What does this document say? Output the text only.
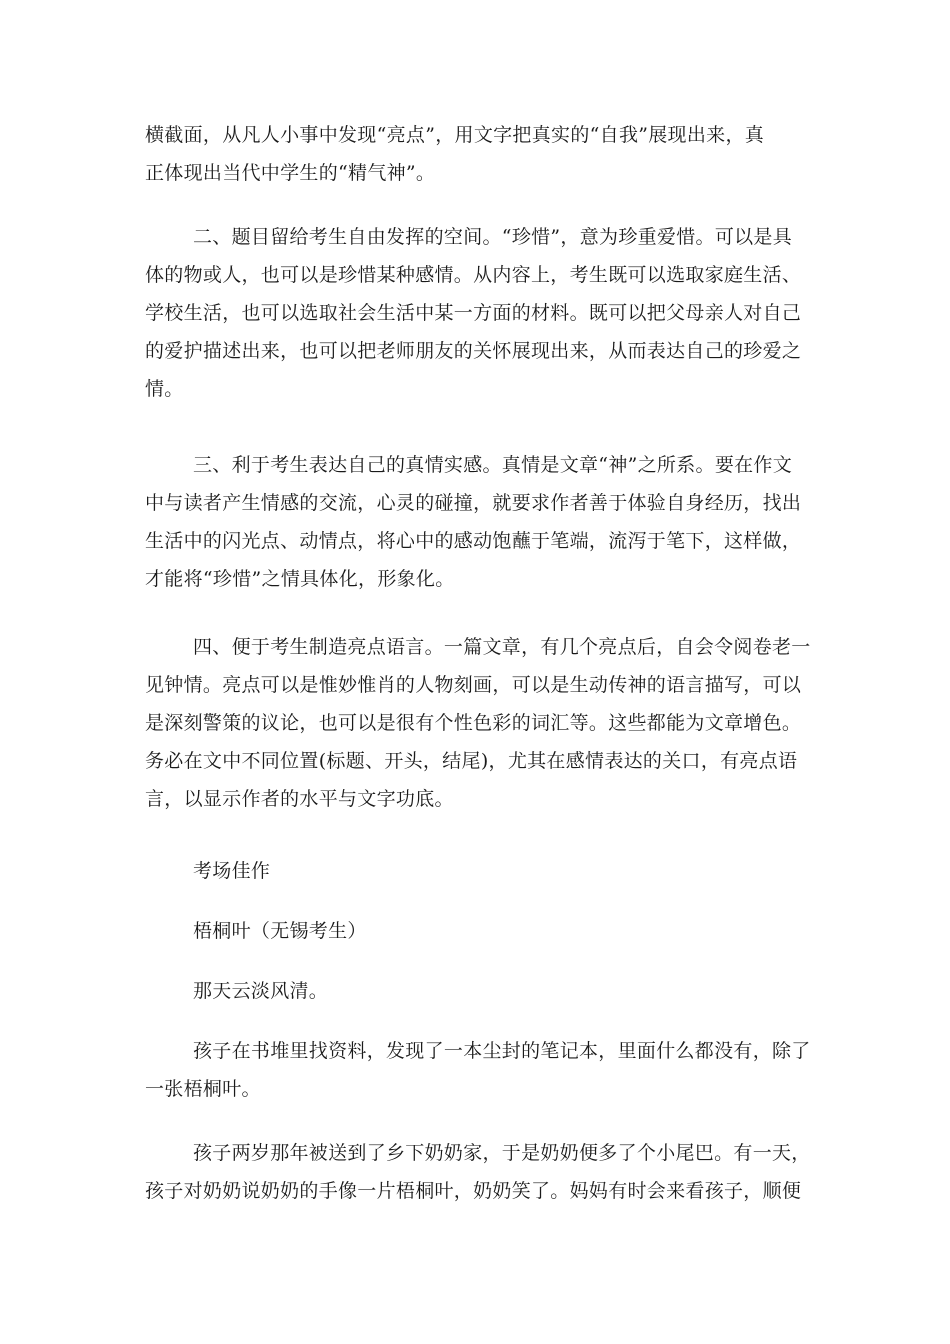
横截面，从凡人小事中发现“亮点”，用文字把真实的“自我”展现出来，真
正体现出当代中学生的“精气神”。

二、题目留给考生自由发挥的空间。“珍惜”，意为珍重爱惜。可以是具
体的物或人，也可以是珍惜某种感情。从内容上，考生既可以选取家庭生活、
学校生活，也可以选取社会生活中某一方面的材料。既可以把父母亲人对自己
的爱护描述出来，也可以把老师朋友的关怀展现出来，从而表达自己的珍爱之
情。

三、利于考生表达自己的真情实感。真情是文章“神”之所系。要在作文
中与读者产生情感的交流，心灵的碰撞，就要求作者善于体验自身经历，找出
生活中的闪光点、动情点，将心中的感动饱蘸于笔端，流泻于笔下，这样做，
才能将“珍惜”之情具体化，形象化。

四、便于考生制造亮点语言。一篇文章，有几个亮点后，自会令阅卷老一
见钟情。亮点可以是惟妙惟肖的人物刻画，可以是生动传神的语言描写，可以
是深刻警策的议论，也可以是很有个性色彩的词汇等。这些都能为文章增色。
务必在文中不同位置(标题、开头，结尾)，尤其在感情表达的关口，有亮点语
言，以显示作者的水平与文字功底。

考场佳作

梧桐叶（无锡考生）

那天云淡风清。

孩子在书堆里找资料，发现了一本尘封的笔记本，里面什么都没有，除了
一张梧桐叶。

孩子两岁那年被送到了乡下奶奶家，于是奶奶便多了个小尾巴。有一天，
孩子对奶奶说奶奶的手像一片梧桐叶，奶奶笑了。妈妈有时会来看孩子，顺便
